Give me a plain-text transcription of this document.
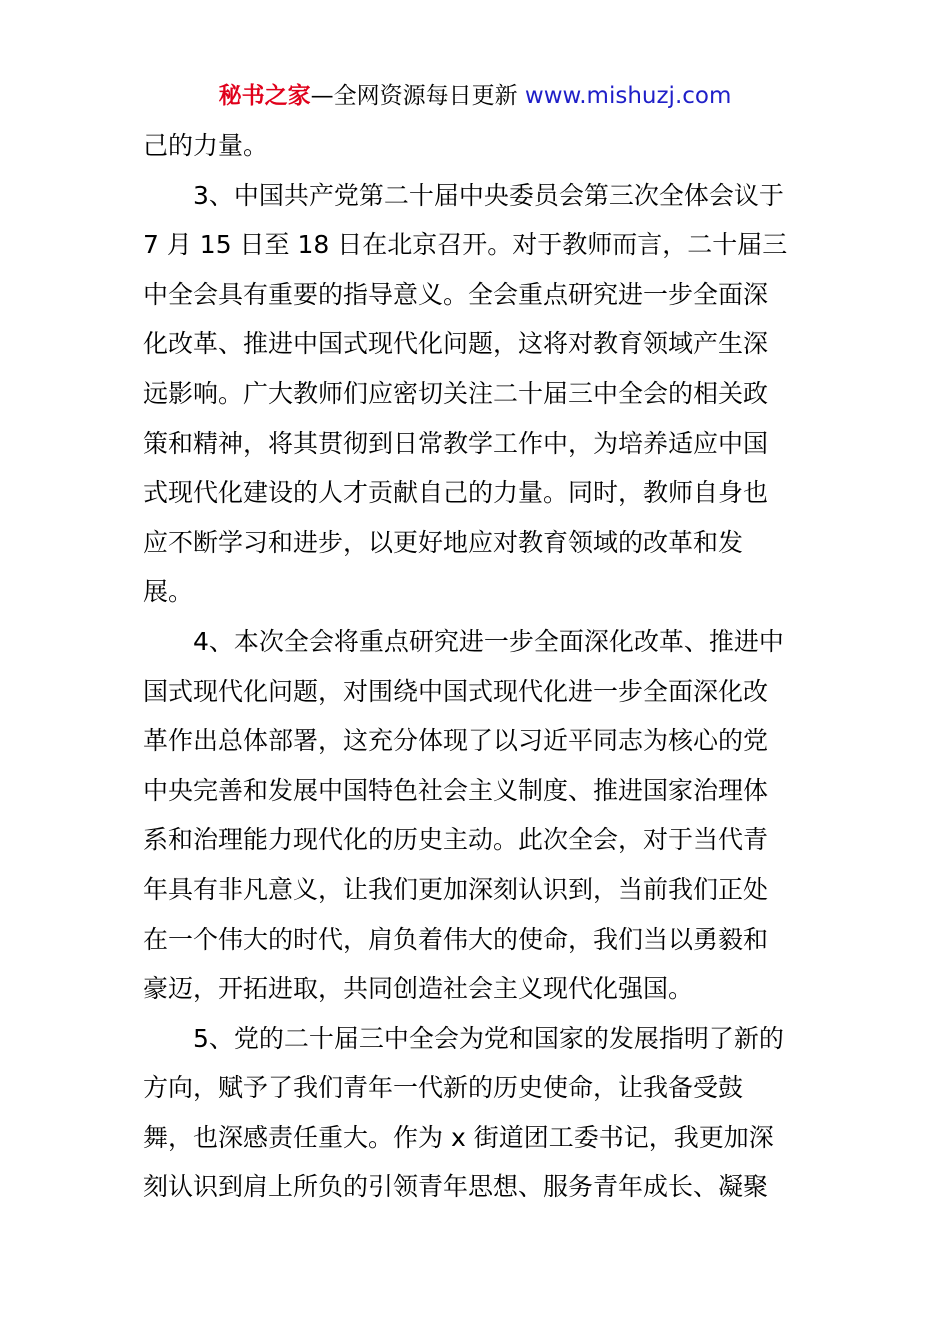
秘书之家—全网资源每日更新 www.mishuzj.com
己的力量。
3、中国共产党第二十届中央委员会第三次全体会议于
7 月 15 日至 18 日在北京召开。对于教师而言，二十届三
中全会具有重要的指导意义。全会重点研究进一步全面深
化改革、推进中国式现代化问题，这将对教育领域产生深
远影响。广大教师们应密切关注二十届三中全会的相关政
策和精神，将其贯彻到日常教学工作中，为培养适应中国
式现代化建设的人才贡献自己的力量。同时，教师自身也
应不断学习和进步，以更好地应对教育领域的改革和发
展。
4、本次全会将重点研究进一步全面深化改革、推进中
国式现代化问题，对围绕中国式现代化进一步全面深化改
革作出总体部署，这充分体现了以习近平同志为核心的党
中央完善和发展中国特色社会主义制度、推进国家治理体
系和治理能力现代化的历史主动。此次全会，对于当代青
年具有非凡意义，让我们更加深刻认识到，当前我们正处
在一个伟大的时代，肩负着伟大的使命，我们当以勇毅和
豪迈，开拓进取，共同创造社会主义现代化强国。
5、党的二十届三中全会为党和国家的发展指明了新的
方向，赋予了我们青年一代新的历史使命，让我备受鼓
舞，也深感责任重大。作为 x 街道团工委书记，我更加深
刻认识到肩上所负的引领青年思想、服务青年成长、凝聚
